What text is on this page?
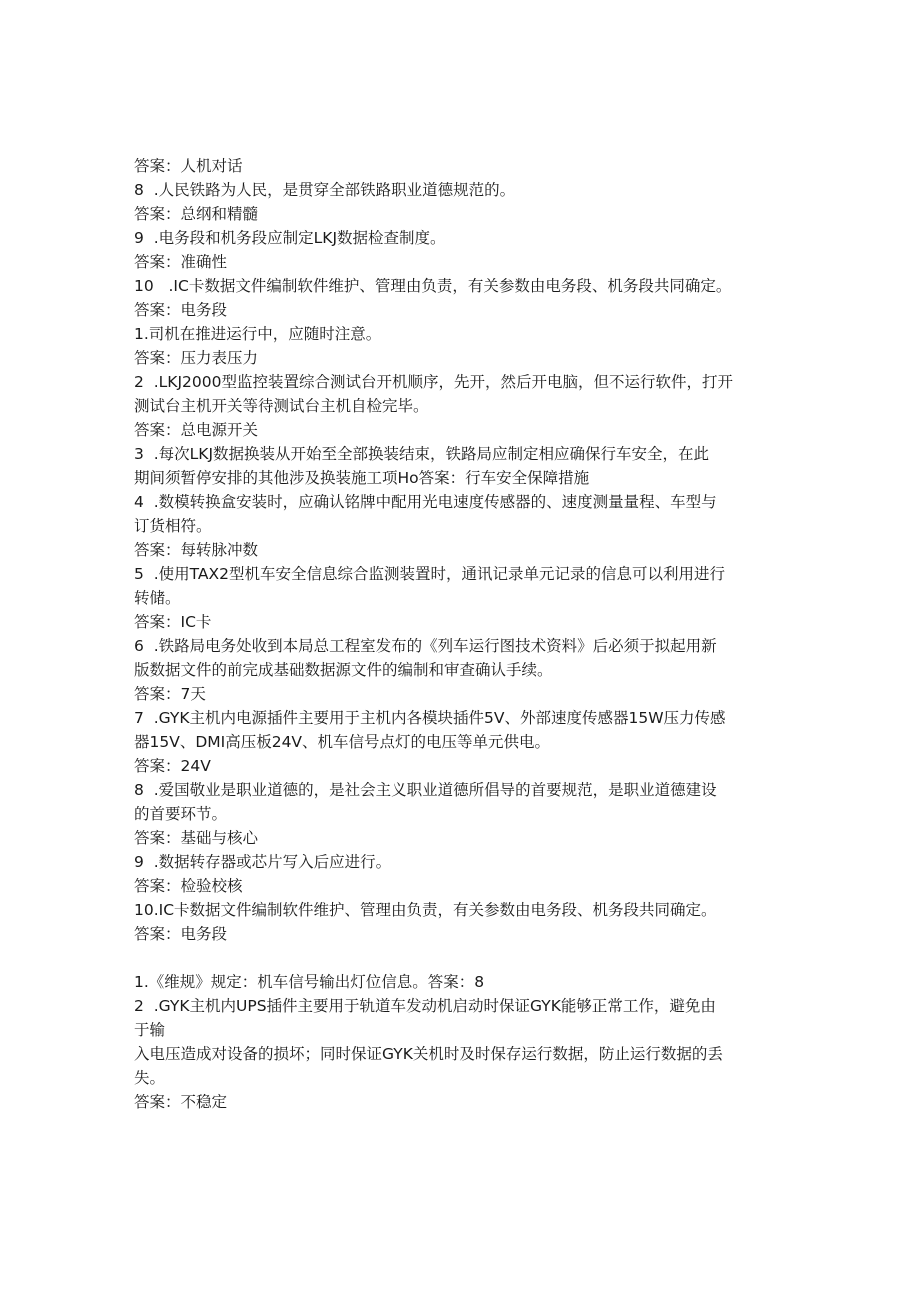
答案：人机对话
8  .人民铁路为人民，是贯穿全部铁路职业道德规范的。
答案：总纲和精髓
9  .电务段和机务段应制定LKJ数据检查制度。
答案：准确性
10   .IC卡数据文件编制软件维护、管理由负责，有关参数由电务段、机务段共同确定。
答案：电务段
1.司机在推进运行中，应随时注意。
答案：压力表压力
2  .LKJ2000型监控装置综合测试台开机顺序，先开，然后开电脑，但不运行软件，打开
测试台主机开关等待测试台主机自检完毕。
答案：总电源开关
3  .每次LKJ数据换装从开始至全部换装结束，铁路局应制定相应确保行车安全，在此
期间须暂停安排的其他涉及换装施工项Ho答案：行车安全保障措施
4  .数模转换盒安装时，应确认铭牌中配用光电速度传感器的、速度测量量程、车型与
订货相符。
答案：每转脉冲数
5  .使用TAX2型机车安全信息综合监测装置时，通讯记录单元记录的信息可以利用进行
转储。
答案：IC卡
6  .铁路局电务处收到本局总工程室发布的《列车运行图技术资料》后必须于拟起用新
版数据文件的前完成基础数据源文件的编制和审查确认手续。
答案：7天
7  .GYK主机内电源插件主要用于主机内各模块插件5V、外部速度传感器15W压力传感
器15V、DMI高压板24V、机车信号点灯的电压等单元供电。
答案：24V
8  .爱国敬业是职业道德的，是社会主义职业道德所倡导的首要规范，是职业道德建设
的首要环节。
答案：基础与核心
9  .数据转存器或芯片写入后应进行。
答案：检验校核
10.IC卡数据文件编制软件维护、管理由负责，有关参数由电务段、机务段共同确定。
答案：电务段
1.《维规》规定：机车信号输出灯位信息。答案：8
2  .GYK主机内UPS插件主要用于轨道车发动机启动时保证GYK能够正常工作，避免由
于输
入电压造成对设备的损坏；同时保证GYK关机时及时保存运行数据，防止运行数据的丢
失。
答案：不稳定
